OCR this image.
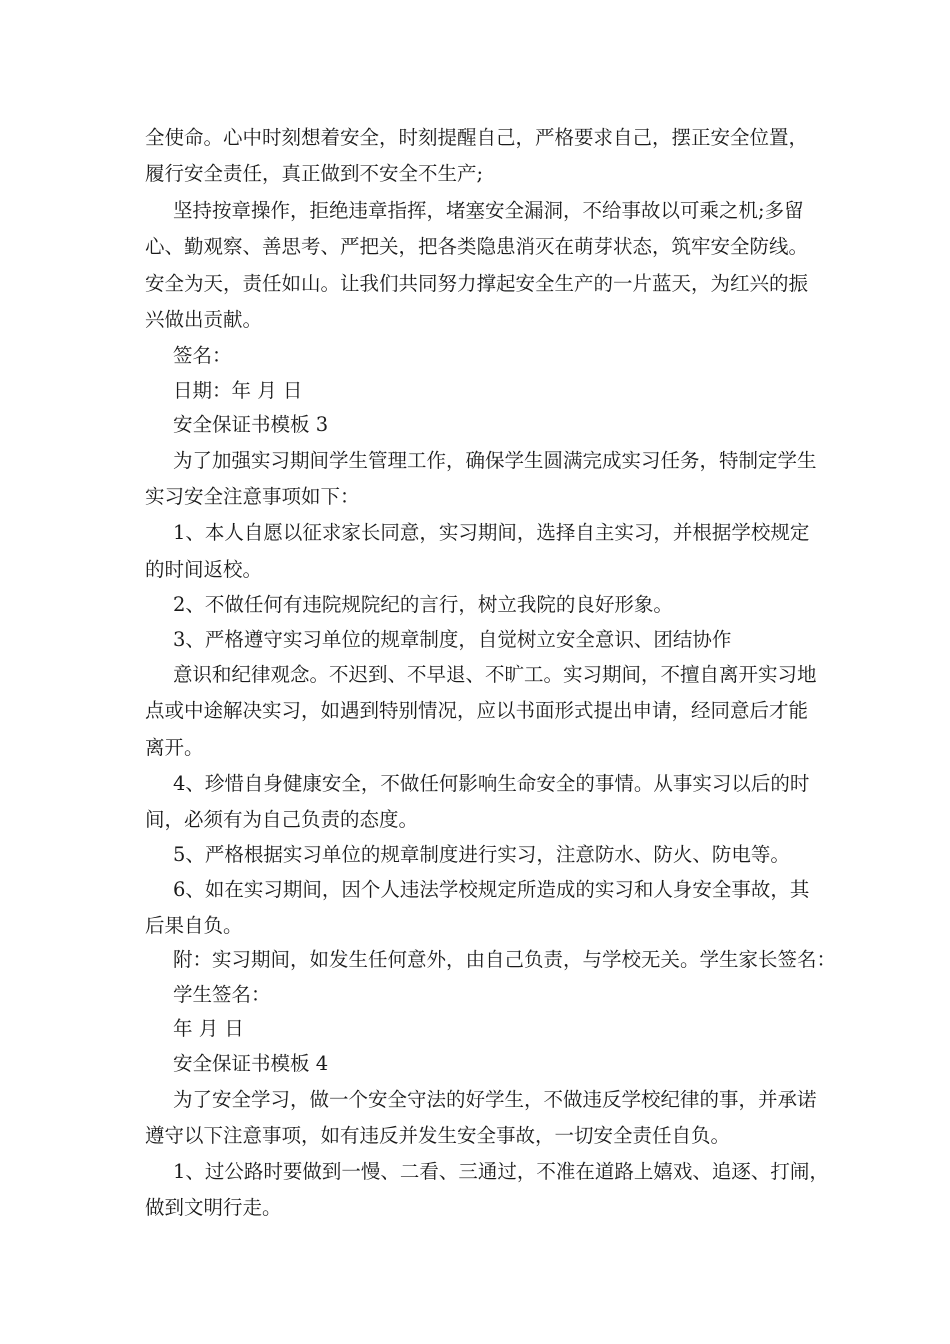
全使命。心中时刻想着安全，时刻提醒自己，严格要求自己，摆正安全位置，

履行安全责任，真正做到不安全不生产;

坚持按章操作，拒绝违章指挥，堵塞安全漏洞，不给事故以可乘之机;多留

心、勤观察、善思考、严把关，把各类隐患消灭在萌芽状态，筑牢安全防线。

安全为天，责任如山。让我们共同努力撑起安全生产的一片蓝天，为红兴的振

兴做出贡献。

签名：

日期：年 月 日

安全保证书模板 3

为了加强实习期间学生管理工作，确保学生圆满完成实习任务，特制定学生

实习安全注意事项如下：

1、本人自愿以征求家长同意，实习期间，选择自主实习，并根据学校规定

的时间返校。

2、不做任何有违院规院纪的言行，树立我院的良好形象。

3、严格遵守实习单位的规章制度，自觉树立安全意识、团结协作

意识和纪律观念。不迟到、不早退、不旷工。实习期间，不擅自离开实习地

点或中途解决实习，如遇到特别情况，应以书面形式提出申请，经同意后才能

离开。

4、珍惜自身健康安全，不做任何影响生命安全的事情。从事实习以后的时

间，必须有为自己负责的态度。

5、严格根据实习单位的规章制度进行实习，注意防水、防火、防电等。

6、如在实习期间，因个人违法学校规定所造成的实习和人身安全事故，其

后果自负。

附：实习期间，如发生任何意外，由自己负责，与学校无关。学生家长签名：

学生签名：

年 月 日

安全保证书模板 4

为了安全学习，做一个安全守法的好学生，不做违反学校纪律的事，并承诺

遵守以下注意事项，如有违反并发生安全事故，一切安全责任自负。

1、过公路时要做到一慢、二看、三通过，不准在道路上嬉戏、追逐、打闹，

做到文明行走。
